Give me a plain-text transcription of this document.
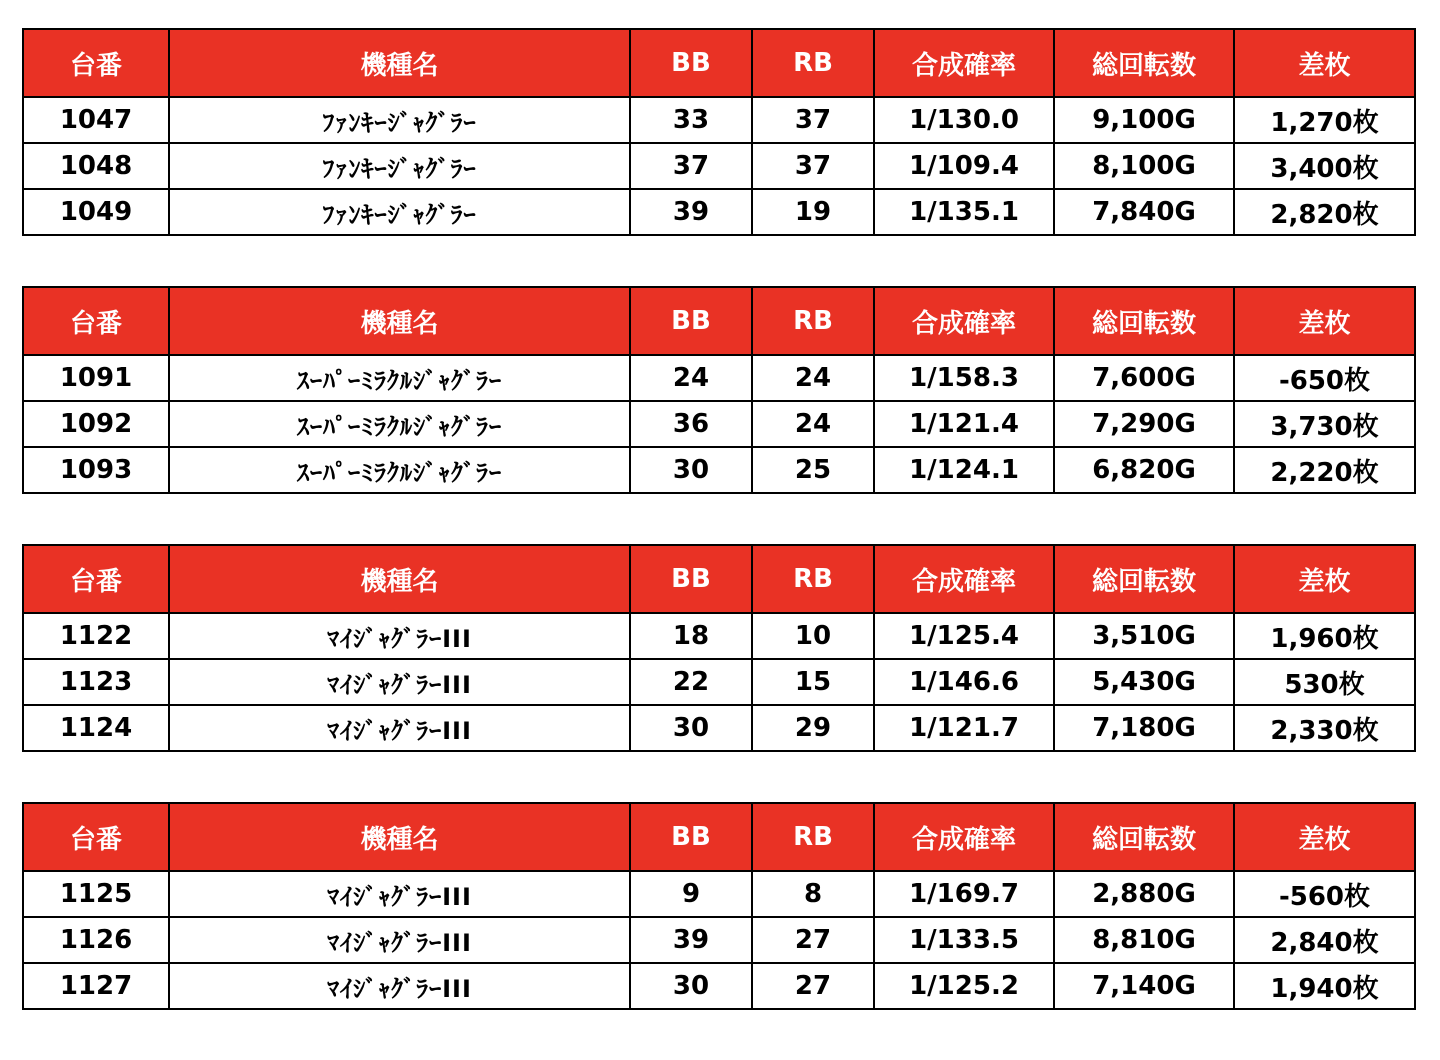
台番	機種名	BB	RB	合成確率	総回転数	差枚
1047	ﾌｧﾝｷｰｼﾞｬｸﾞﾗｰ	33	37	1/130.0	9,100G	1,270枚
1048	ﾌｧﾝｷｰｼﾞｬｸﾞﾗｰ	37	37	1/109.4	8,100G	3,400枚
1049	ﾌｧﾝｷｰｼﾞｬｸﾞﾗｰ	39	19	1/135.1	7,840G	2,820枚
台番	機種名	BB	RB	合成確率	総回転数	差枚
1091	ｽｰﾊﾟｰﾐﾗｸﾙｼﾞｬｸﾞﾗｰ	24	24	1/158.3	7,600G	-650枚
1092	ｽｰﾊﾟｰﾐﾗｸﾙｼﾞｬｸﾞﾗｰ	36	24	1/121.4	7,290G	3,730枚
1093	ｽｰﾊﾟｰﾐﾗｸﾙｼﾞｬｸﾞﾗｰ	30	25	1/124.1	6,820G	2,220枚
台番	機種名	BB	RB	合成確率	総回転数	差枚
1122	ﾏｲｼﾞｬｸﾞﾗｰIII	18	10	1/125.4	3,510G	1,960枚
1123	ﾏｲｼﾞｬｸﾞﾗｰIII	22	15	1/146.6	5,430G	530枚
1124	ﾏｲｼﾞｬｸﾞﾗｰIII	30	29	1/121.7	7,180G	2,330枚
台番	機種名	BB	RB	合成確率	総回転数	差枚
1125	ﾏｲｼﾞｬｸﾞﾗｰIII	9	8	1/169.7	2,880G	-560枚
1126	ﾏｲｼﾞｬｸﾞﾗｰIII	39	27	1/133.5	8,810G	2,840枚
1127	ﾏｲｼﾞｬｸﾞﾗｰIII	30	27	1/125.2	7,140G	1,940枚
